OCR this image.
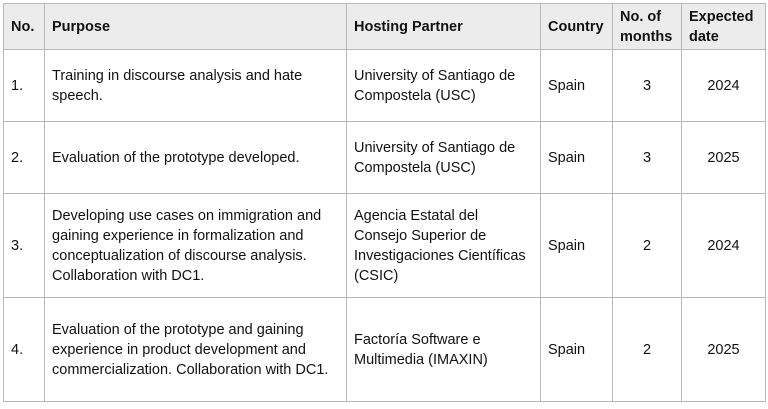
No.	Purpose	Hosting Partner	Country	No. of months	Expected date
1.	Training in discourse analysis and hate speech.	University of Santiago de Compostela (USC)	Spain	3	2024
2.	Evaluation of the prototype developed.	University of Santiago de Compostela (USC)	Spain	3	2025
3.	Developing use cases on immigration and gaining experience in formalization and conceptualization of discourse analysis. Collaboration with DC1.	Agencia Estatal del Consejo Superior de Investigaciones Científicas (CSIC)	Spain	2	2024
4.	Evaluation of the prototype and gaining experience in product development and commercialization. Collaboration with DC1.	Factoría Software e Multimedia (IMAXIN)	Spain	2	2025
